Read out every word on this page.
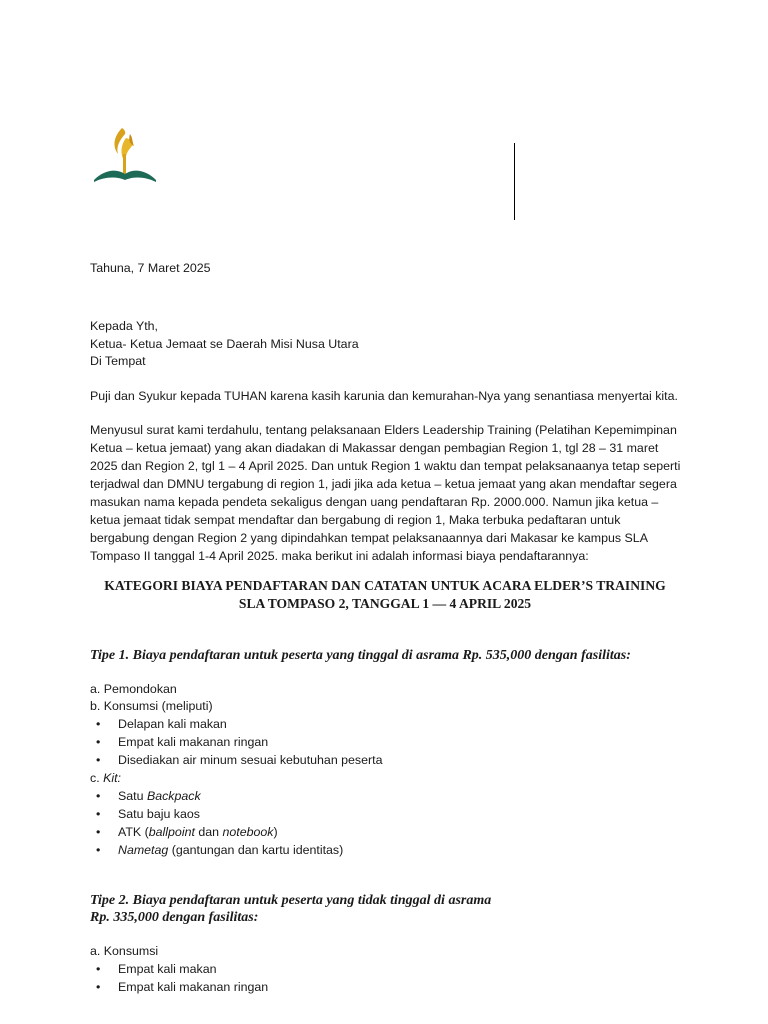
Tahuna, 7 Maret 2025
Kepada Yth,
Ketua- Ketua Jemaat se Daerah Misi Nusa Utara
Di Tempat
Puji dan Syukur kepada TUHAN karena kasih karunia dan kemurahan-Nya yang senantiasa menyertai kita.
Menyusul surat kami terdahulu, tentang pelaksanaan Elders Leadership Training (Pelatihan Kepemimpinan
Ketua – ketua jemaat) yang akan diadakan di Makassar dengan pembagian Region 1, tgl 28 – 31 maret
2025 dan Region 2, tgl 1 – 4 April 2025. Dan untuk Region 1 waktu dan tempat pelaksanaanya tetap seperti
terjadwal dan DMNU tergabung di region 1, jadi jika ada ketua – ketua jemaat yang akan mendaftar segera
masukan nama kepada pendeta sekaligus dengan uang pendaftaran Rp. 2000.000. Namun jika ketua –
ketua jemaat tidak sempat mendaftar dan bergabung di region 1, Maka terbuka pedaftaran untuk
bergabung dengan Region 2 yang dipindahkan tempat pelaksanaannya dari Makasar ke kampus SLA
Tompaso II tanggal 1-4 April 2025. maka berikut ini adalah informasi biaya pendaftarannya:
KATEGORI BIAYA PENDAFTARAN DAN CATATAN UNTUK ACARA ELDER’S TRAINING
SLA TOMPASO 2, TANGGAL 1 — 4 APRIL 2025
Tipe 1. Biaya pendaftaran untuk peserta yang tinggal di asrama Rp. 535,000 dengan fasilitas:
a. Pemondokan
b. Konsumsi (meliputi)
• Delapan kali makan
• Empat kali makanan ringan
• Disediakan air minum sesuai kebutuhan peserta
c. Kit:
• Satu Backpack
• Satu baju kaos
• ATK (ballpoint dan notebook)
• Nametag (gantungan dan kartu identitas)
Tipe 2. Biaya pendaftaran untuk peserta yang tidak tinggal di asrama
Rp. 335,000 dengan fasilitas:
a. Konsumsi
• Empat kali makan
• Empat kali makanan ringan
